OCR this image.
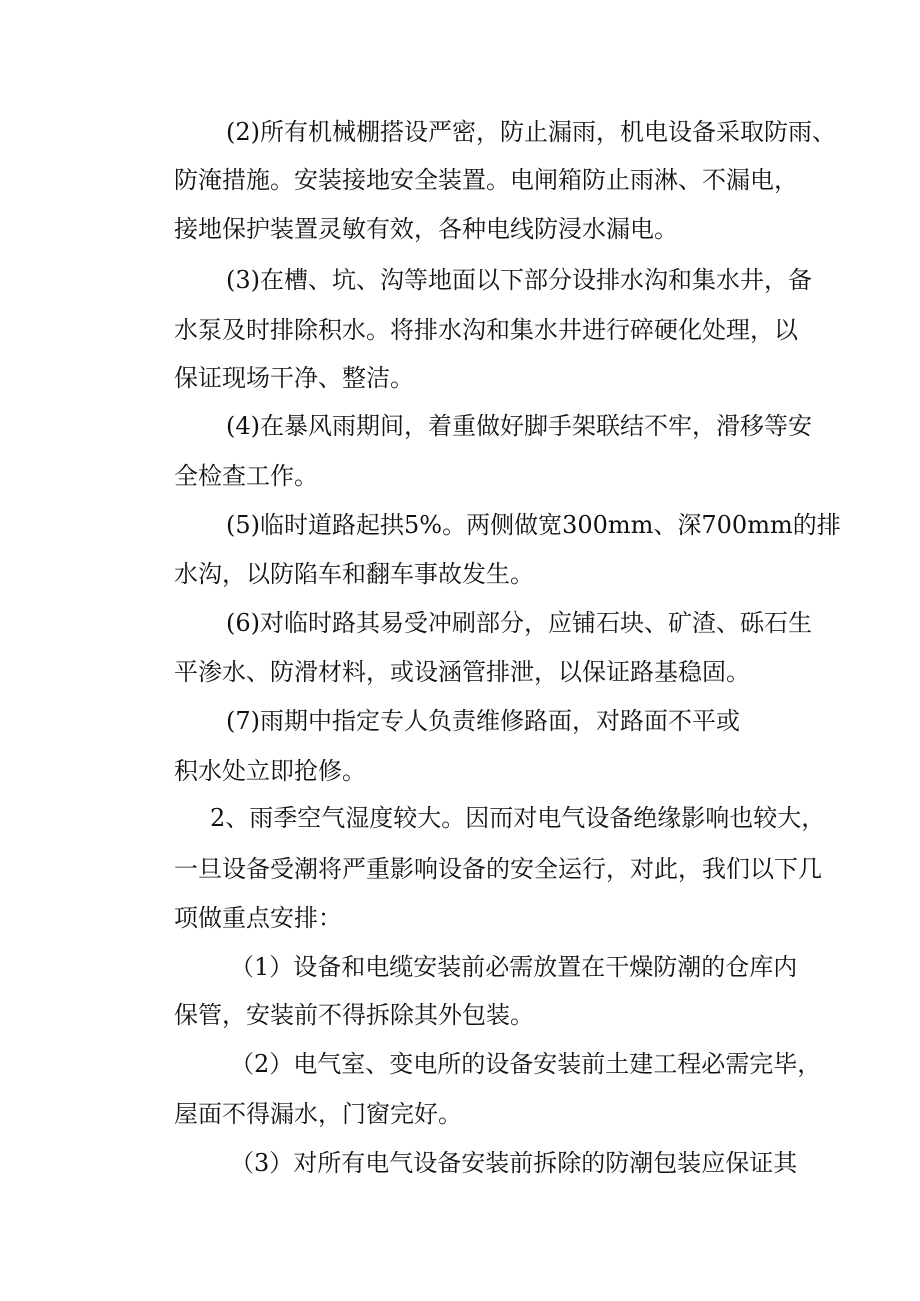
(2)所有机械棚搭设严密，防止漏雨，机电设备采取防雨、
防淹措施。安装接地安全装置。电闸箱防止雨淋、不漏电，
接地保护装置灵敏有效，各种电线防浸水漏电。
(3)在槽、坑、沟等地面以下部分设排水沟和集水井，备
水泵及时排除积水。将排水沟和集水井进行碎硬化处理，以
保证现场干净、整洁。
(4)在暴风雨期间，着重做好脚手架联结不牢，滑移等安
全检查工作。
(5)临时道路起拱5%。两侧做宽300mm、深700mm的排
水沟，以防陷车和翻车事故发生。
(6)对临时路其易受冲刷部分，应铺石块、矿渣、砾石生
平渗水、防滑材料，或设涵管排泄，以保证路基稳固。
(7)雨期中指定专人负责维修路面，对路面不平或
积水处立即抢修。
2、雨季空气湿度较大。因而对电气设备绝缘影响也较大，
一旦设备受潮将严重影响设备的安全运行，对此，我们以下几
项做重点安排：
（1）设备和电缆安装前必需放置在干燥防潮的仓库内
保管，安装前不得拆除其外包装。
（2）电气室、变电所的设备安装前土建工程必需完毕，
屋面不得漏水，门窗完好。
（3）对所有电气设备安装前拆除的防潮包装应保证其
